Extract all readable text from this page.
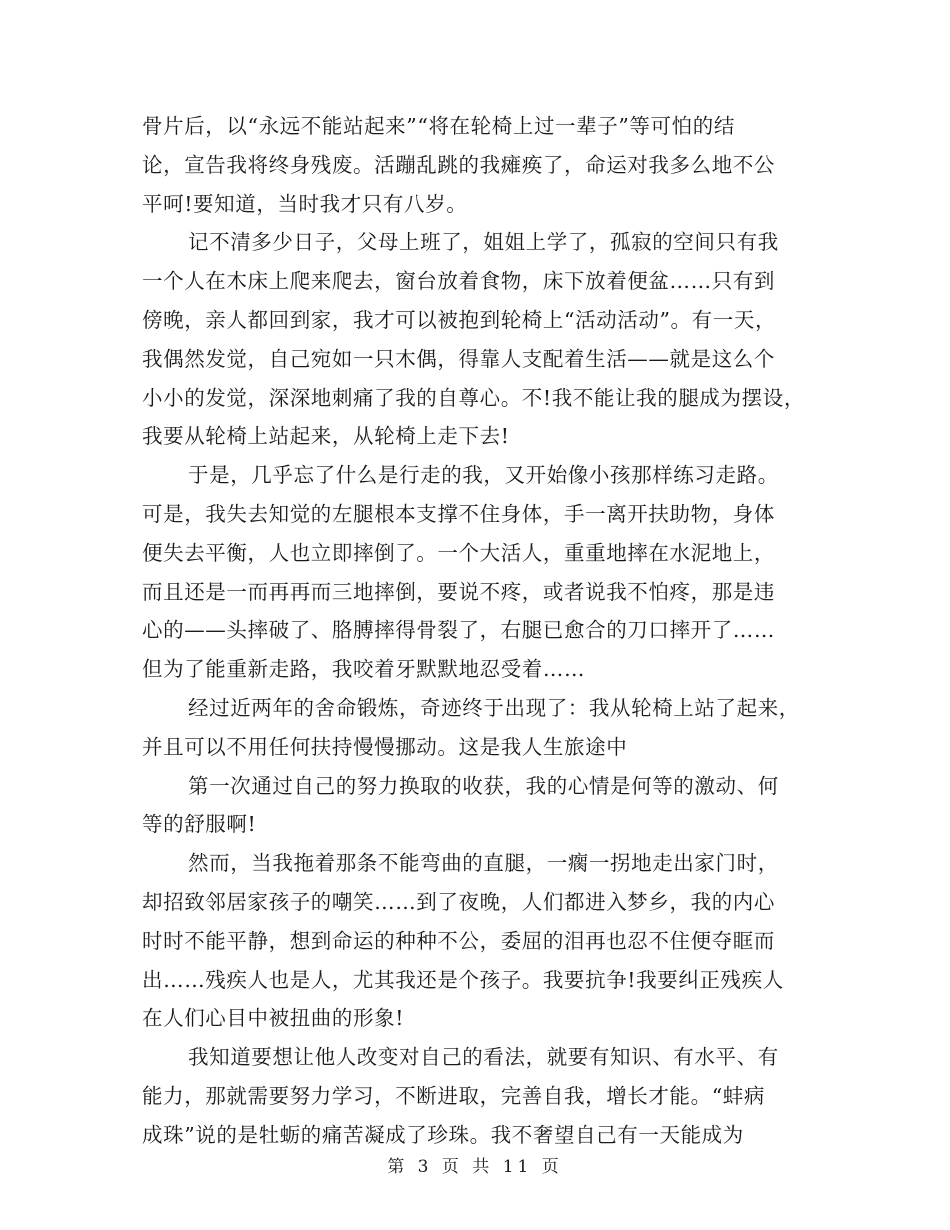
骨片后，以“永远不能站起来”“将在轮椅上过一辈子”等可怕的结
论，宣告我将终身残废。活蹦乱跳的我瘫痪了，命运对我多么地不公
平呵!要知道，当时我才只有八岁。
记不清多少日子，父母上班了，姐姐上学了，孤寂的空间只有我
一个人在木床上爬来爬去，窗台放着食物，床下放着便盆……只有到
傍晚，亲人都回到家，我才可以被抱到轮椅上“活动活动”。有一天，
我偶然发觉，自己宛如一只木偶，得靠人支配着生活——就是这么个
小小的发觉，深深地刺痛了我的自尊心。不!我不能让我的腿成为摆设，
我要从轮椅上站起来，从轮椅上走下去!
于是，几乎忘了什么是行走的我，又开始像小孩那样练习走路。
可是，我失去知觉的左腿根本支撑不住身体，手一离开扶助物，身体
便失去平衡，人也立即摔倒了。一个大活人，重重地摔在水泥地上，
而且还是一而再再而三地摔倒，要说不疼，或者说我不怕疼，那是违
心的——头摔破了、胳膊摔得骨裂了，右腿已愈合的刀口摔开了……
但为了能重新走路，我咬着牙默默地忍受着……
经过近两年的舍命锻炼，奇迹终于出现了：我从轮椅上站了起来，
并且可以不用任何扶持慢慢挪动。这是我人生旅途中
第一次通过自己的努力换取的收获，我的心情是何等的激动、何
等的舒服啊!
然而，当我拖着那条不能弯曲的直腿，一瘸一拐地走出家门时，
却招致邻居家孩子的嘲笑……到了夜晚，人们都进入梦乡，我的内心
时时不能平静，想到命运的种种不公，委屈的泪再也忍不住便夺眶而
出……残疾人也是人，尤其我还是个孩子。我要抗争!我要纠正残疾人
在人们心目中被扭曲的形象!
我知道要想让他人改变对自己的看法，就要有知识、有水平、有
能力，那就需要努力学习，不断进取，完善自我，增长才能。“蚌病
成珠”说的是牡蛎的痛苦凝成了珍珠。我不奢望自己有一天能成为
第 3 页 共 11 页
